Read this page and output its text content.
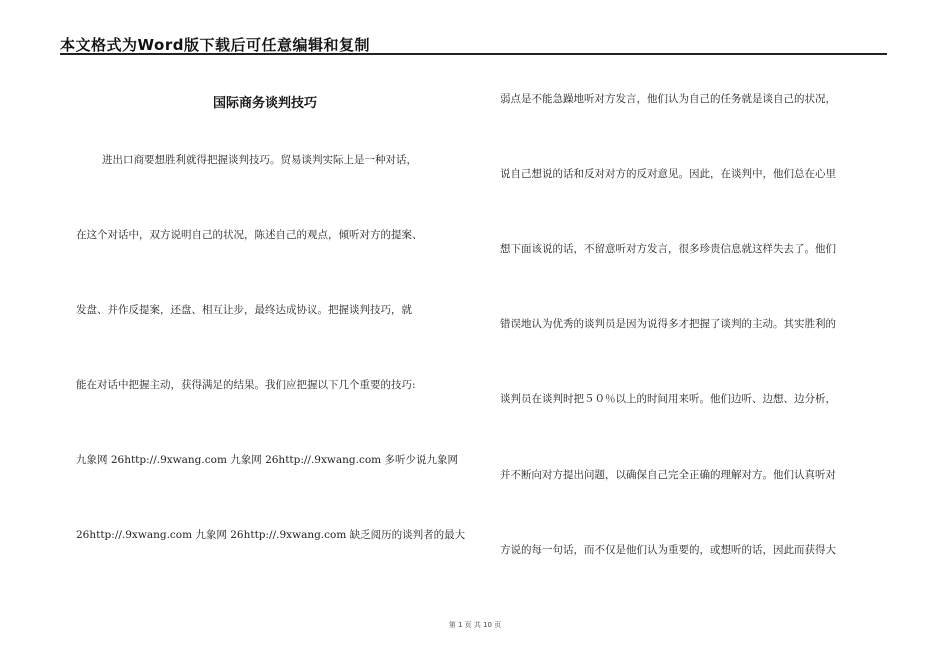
本文格式为Word版下载后可任意编辑和复制
国际商务谈判技巧
进出口商要想胜利就得把握谈判技巧。贸易谈判实际上是一种对话，
在这个对话中，双方说明自己的状况，陈述自己的观点，倾听对方的提案、
发盘、并作反提案，还盘、相互让步，最终达成协议。把握谈判技巧，就
能在对话中把握主动，获得满足的结果。我们应把握以下几个重要的技巧:
九象网 26http://.9xwang.com 九象网 26http://.9xwang.com 多听少说九象网
26http://.9xwang.com 九象网 26http://.9xwang.com 缺乏阅历的谈判者的最大
弱点是不能急躁地听对方发言，他们认为自己的任务就是谈自己的状况，
说自己想说的话和反对对方的反对意见。因此，在谈判中，他们总在心里
想下面该说的话，不留意听对方发言，很多珍贵信息就这样失去了。他们
错误地认为优秀的谈判员是因为说得多才把握了谈判的主动。其实胜利的
谈判员在谈判时把５０％以上的时间用来听。他们边听、边想、边分析，
并不断向对方提出问题，以确保自己完全正确的理解对方。他们认真听对
方说的每一句话，而不仅是他们认为重要的，或想听的话，因此而获得大
第 1 页 共 10 页
